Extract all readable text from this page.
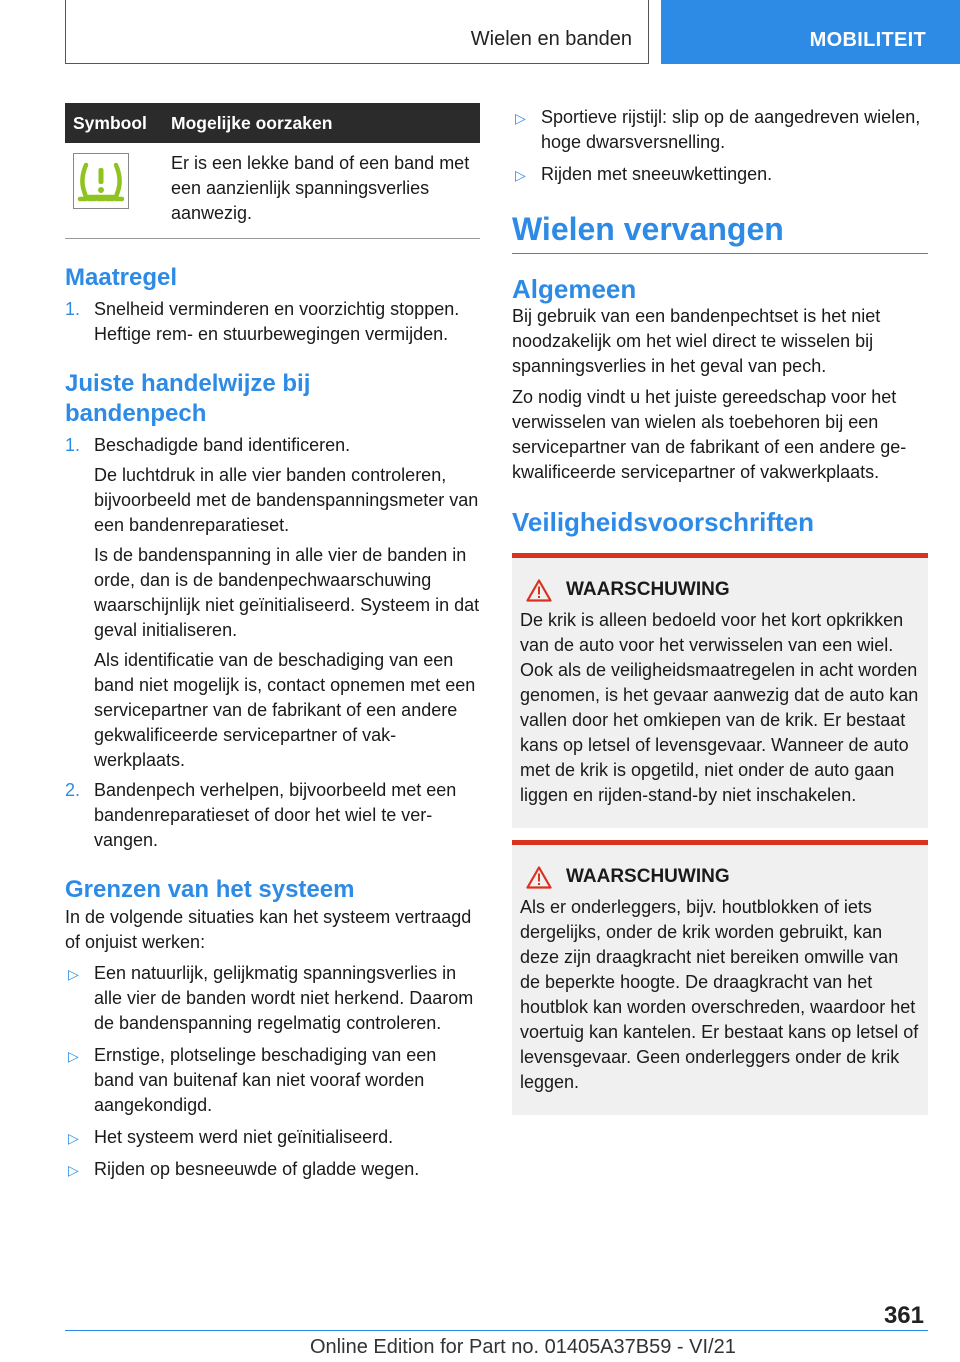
Wielen en banden	MOBILITEIT
Symbool	Mogelijke oorzaken

	Er is een lekke band of een band met een aanzienlijk spanningsverlies aanwezig.
Maatregel
1. Snelheid verminderen en voorzichtig stoppen. Heftige rem- en stuurbewegingen vermijden.
Juiste handelwijze bij
bandenpech
1. Beschadigde band identificeren.

De luchtdruk in alle vier banden controleren, bijvoorbeeld met de bandenspanningsmeter van een bandenreparatieset.

Is de bandenspanning in alle vier de banden in orde, dan is de bandenpechwaarschuwing waarschijnlijk niet geïnitialiseerd. Systeem in dat geval initialiseren.

Als identificatie van de beschadiging van een band niet mogelijk is, contact opnemen met een servicepartner van de fabrikant of een andere gekwalificeerde servicepartner of vakwerkplaats.

2. Bandenpech verhelpen, bijvoorbeeld met een bandenreparatieset of door het wiel te vervangen.
Grenzen van het systeem

In de volgende situaties kan het systeem vertraagd of onjuist werken:

▷ Een natuurlijk, gelijkmatig spanningsverlies in alle vier de banden wordt niet herkend. Daarom de bandenspanning regelmatig controleren.
▷ Ernstige, plotselinge beschadiging van een band van buitenaf kan niet vooraf worden aangekondigd.
▷ Het systeem werd niet geïnitialiseerd.
▷ Rijden op besneeuwde of gladde wegen.
▷ Sportieve rijstijl: slip op de aangedreven wielen, hoge dwarsversnelling.
▷ Rijden met sneeuwkettingen.
Wielen vervangen
Algemeen

Bij gebruik van een bandenpechtset is het niet noodzakelijk om het wiel direct te wisselen bij spanningsverlies in het geval van pech.

Zo nodig vindt u het juiste gereedschap voor het verwisselen van wielen als toebehoren bij een servicepartner van de fabrikant of een andere gekwalificeerde servicepartner of vakwerkplaats.

Veiligheidsvoorschriften
WAARSCHUWING

De krik is alleen bedoeld voor het kort opkrikken van de auto voor het verwisselen van een wiel. Ook als de veiligheidsmaatregelen in acht worden genomen, is het gevaar aanwezig dat de auto kan vallen door het omkiepen van de krik. Er bestaat kans op letsel of levensgevaar. Wanneer de auto met de krik is opgetild, niet onder de auto gaan liggen en rijden-stand-by niet inschakelen.

WAARSCHUWING

Als er onderleggers, bijv. houtblokken of iets dergelijks, onder de krik worden gebruikt, kan deze zijn draagkracht niet bereiken omwille van de beperkte hoogte. De draagkracht van het houtblok kan worden overschreden, waardoor het voertuig kan kantelen. Er bestaat kans op letsel of levensgevaar. Geen onderleggers onder de krik leggen.

361
Online Edition for Part no. 01405A37B59 - VI/21
